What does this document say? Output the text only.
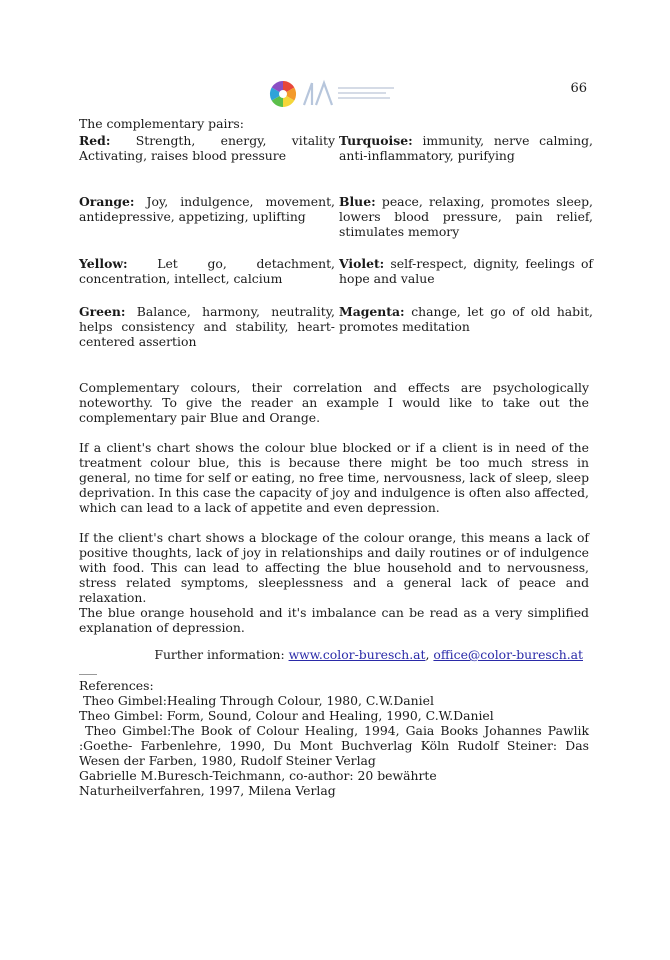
66
The complementary pairs:
Red: Strength, energy, vitality Activating, raises blood pressure
Turquoise: immunity, nerve calming, anti-inflammatory, purifying
Orange: Joy, indulgence, movement, antidepressive, appetizing, uplifting
Blue: peace, relaxing, promotes sleep, lowers blood pressure, pain relief, stimulates memory
Yellow: Let go, detachment, concentration, intellect, calcium
Violet: self-respect, dignity, feelings of hope and value
Green: Balance, harmony, neutrality, helps consistency and stability, heart-centered assertion
Magenta: change, let go of old habit, promotes meditation

Complementary colours, their correlation and effects are psychologically noteworthy. To give the reader an example I would like to take out the complementary pair Blue and Orange.

If a client's chart shows the colour blue blocked or if a client is in need of the treatment colour blue, this is because there might be too much stress in general, no time for self or eating, no free time, nervousness, lack of sleep, sleep deprivation. In this case the capacity of joy and indulgence is often also affected, which can lead to a lack of appetite and even depression.

If the client's chart shows a blockage of the colour orange, this means a lack of positive thoughts, lack of joy in relationships and daily routines or of indulgence with food. This can lead to affecting the blue household and to nervousness, stress related symptoms, sleeplessness and a general lack of peace and relaxation.

The blue orange household and it's imbalance can be read as a very simplified explanation of depression.

Further information: www.color-buresch.at, office@color-buresch.at
References:
Theo Gimbel:Healing Through Colour, 1980, C.W.Daniel
Theo Gimbel: Form, Sound, Colour and Healing, 1990, C.W.Daniel
Theo Gimbel:The Book of Colour Healing, 1994, Gaia Books Johannes Pawlik :Goethe- Farbenlehre, 1990, Du Mont Buchverlag Köln Rudolf Steiner: Das Wesen der Farben, 1980, Rudolf Steiner Verlag
Gabrielle M.Buresch-Teichmann, co-author: 20 bewährte
Naturheilverfahren, 1997, Milena Verlag
